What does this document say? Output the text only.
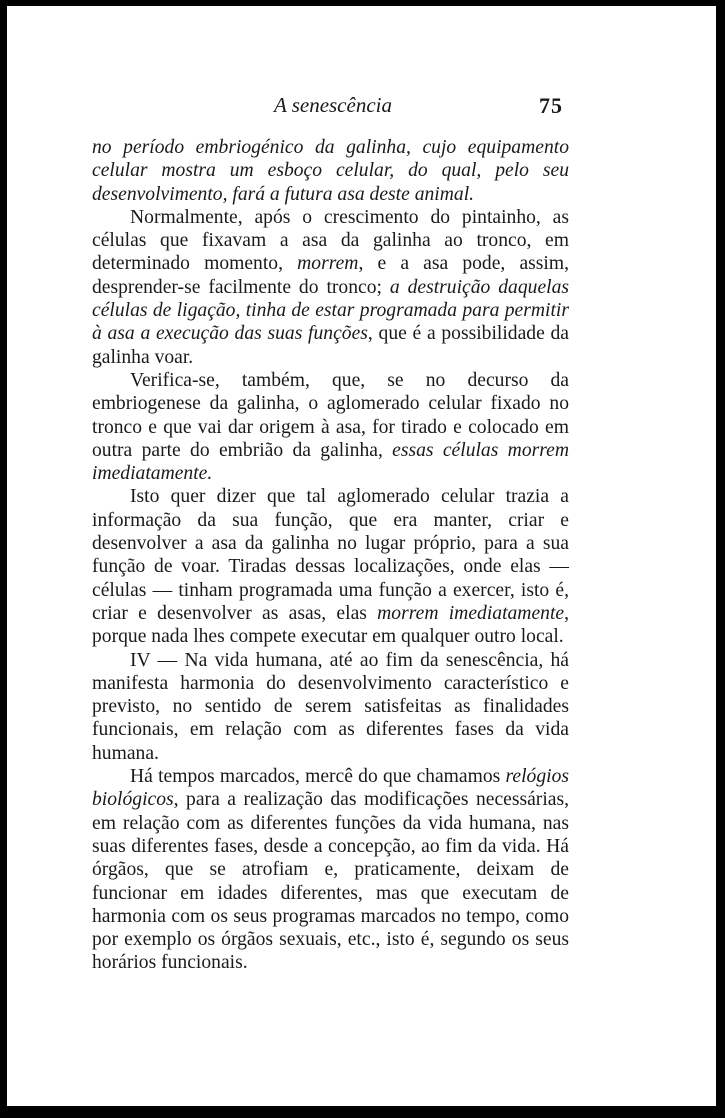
A senescência	75

no período embriogénico da galinha, cujo equipamento celular mostra um esboço celular, do qual, pelo seu desenvolvimento, fará a futura asa deste animal.

Normalmente, após o crescimento do pintainho, as células que fixavam a asa da galinha ao tronco, em determinado momento, morrem, e a asa pode, assim, desprender-se facilmente do tronco; a destruição daquelas células de ligação, tinha de estar programada para permitir à asa a execução das suas funções, que é a possibilidade da galinha voar.

Verifica-se, também, que, se no decurso da embriogenese da galinha, o aglomerado celular fixado no tronco e que vai dar origem à asa, for tirado e colocado em outra parte do embrião da galinha, essas células morrem imediatamente.

Isto quer dizer que tal aglomerado celular trazia a informação da sua função, que era manter, criar e desenvolver a asa da galinha no lugar próprio, para a sua função de voar. Tiradas dessas localizações, onde elas — células — tinham programada uma função a exercer, isto é, criar e desenvolver as asas, elas morrem imediatamente, porque nada lhes compete executar em qualquer outro local.

IV — Na vida humana, até ao fim da senescência, há manifesta harmonia do desenvolvimento característico e previsto, no sentido de serem satisfeitas as finalidades funcionais, em relação com as diferentes fases da vida humana.

Há tempos marcados, mercê do que chamamos relógios biológicos, para a realização das modificações necessárias, em relação com as diferentes funções da vida humana, nas suas diferentes fases, desde a concepção, ao fim da vida. Há órgãos, que se atrofiam e, praticamente, deixam de funcionar em idades diferentes, mas que executam de harmonia com os seus programas marcados no tempo, como por exemplo os órgãos sexuais, etc., isto é, segundo os seus horários funcionais.
